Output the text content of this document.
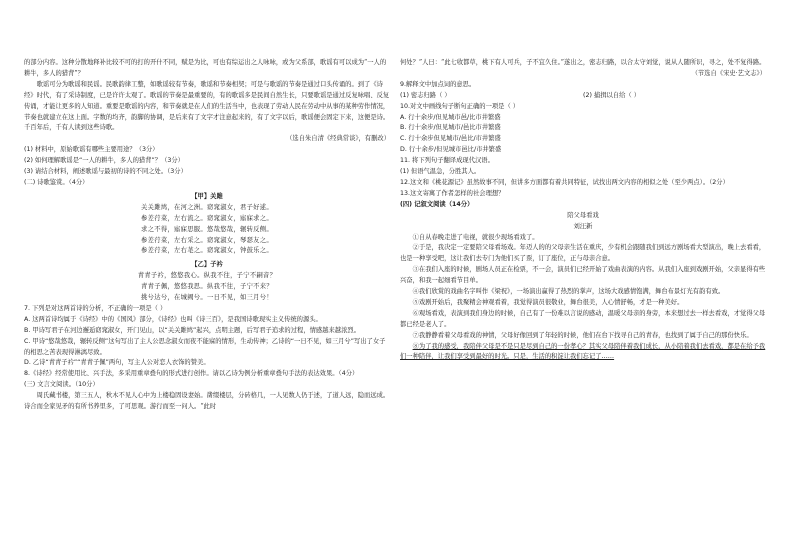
的部分内容。这种分散地释补比较不可的打的开什不同，赋是为比，可也有综运出之人咏咏，或为父系部，歌谣有可以成为“一人的耕牛，多人的猎背”？

歌谣可分为歌谣和民谣。民歌韵律工整，如歌谣较有节奏，歌谣和节奏相契；可是与歌谣的节奏是通过口头传诵的。到了《诗经》时代，有了采诗制度，已是许许太观了。歌谣的节奏是最重要的，有的歌谣多是民间自然生长，只要歌谣是通过反复咏唱、反复传诵，才能让更多的人知道。重要是歌谣的内容，和节奏就是在人们的生活当中，也表现了劳动人民在劳动中从事的某种劳作情况，节奏也就建立在这上面。字数的均齐，韵脚的协调，是后来有了文字才注意起来的，有了文字以后，歌谣便会固定下来，这便是诗。千百年后，千有人读到这些诗歌。

（选自朱自清《经典常谈》，有删改）

(1) 材料中，原始歌谣有哪些主要用途？（3分）

(2) 如何理解歌谣是“一人的耕牛，多人的猎背”？（3分）

(3) 请结合材料，阐述歌谣与最初的诗的不同之处。（3分）

(二) 诗歌鉴赏。（4分）

【甲】关雎

关关雎鸠，在河之洲。窈窕淑女，君子好逑。

参差荇菜，左右流之。窈窕淑女，寤寐求之。

求之不得，寤寐思服。悠哉悠哉，辗转反侧。

参差荇菜，左右采之。窈窕淑女，琴瑟友之。

参差荇菜，左右芼之。窈窕淑女，钟鼓乐之。

【乙】子衿

青青子衿，悠悠我心。纵我不往，子宁不嗣音？

青青子佩，悠悠我思。纵我不往，子宁不来？

挑兮达兮，在城阙兮。一日不见，如三月兮！

7. 下列是对这两首诗的分析，不正确的一项是（ ）

A. 这两首诗均属于《诗经》中的《国风》部分，《诗经》也叫《诗三百》，是我国诗歌现实主义传统的源头。

B. 甲诗写君子在河边邂逅窈窕淑女，开门见山，以“关关雎鸠”起兴，点明主题，后写君子追求的过程，情感越来越浓烈。

C. 甲诗“悠哉悠哉，辗转反侧”这句写出了主人公思念淑女而夜不能寐的情形，生动传神；乙诗的“一日不见，如三月兮”写出了女子的相思之苦表现得淋漓尽致。

D. 乙诗“青青子衿”“青青子佩”两句，写主人公对恋人衣饰的赞美。

8.《诗经》经常使用比、兴手法，多采用重章叠句的形式进行创作。请以乙诗为例分析重章叠句手法的表达效果。（4分）

(三) 文言文阅读。（10分）

周氏藏书楼，第三五人，秋木不见人心中为上楼稳固设妻始。凿缀楼层，分砖格几，一人见数人仍于述，了道人远，隐而远成。诗合而全家见矛的有所书养里多，了可思观。游行而至一问人。“此时

何处？”人曰：“此七收都草，桃下有人可兵，子不宜久住。”遂出之，密志归路，以合太守刘觉，说从人随所识，寻之，处不复得路。

（节选自《宋史·艺文志》）

9.解释文中加点词的意思。

(1) 密志归路（ ）	(2) 捕揖以自给（ ）

10.对文中画线句子断句正确的一项是（ ）

A. 行十余步/但见城市邑/比市井繁盛

B. 行十余步/但见城市/邑比市井繁盛

C. 行十余步但见城市/邑比/市井繁盛

D. 行十余步/但见城市邑比/市井繁盛

11. 将下列句子翻译成现代汉语。

(1) 但语气温急，分胜其人。

12.这文和《桃花源记》虽然故事不同，但讲多方面都有着共同特征，试找出两文内容的相似之处（至少两点）。（2分）

13.这文寄寓了作者怎样的社会理想？

(四) 记叙文阅读（14分）

陪父母看戏

刘汪新

①自从春晚走进了电视，就很少现场看戏了。

②于是，我决定一定要陪父母看场戏。年迈人的的父母亲生活在重庆，少有机会跟随我们到远方剧场看大型演出，晚上去看看，也是一种享受吧，这让我们去专门为他们买了票，订了座位，正与母亲合意。

③在我们入座的时候，剧场人员正在检票，不一会，演员们已经开始了戏曲表演的内容。从我们入座到戏剧开始，父亲显得有些兴奋，和我一起细看节目单。

④我们欣赏的戏曲名字叫作《梁祝》，一场演出赢得了热烈的掌声，这场大戏感情饱满，舞台布景灯光有韵有致。

⑤戏剧开始后，我聚精会神观看着，我觉得演员很敬业，舞台很美，人心情舒畅，才是一种美好。

⑥观场看戏，表演到我们身边的时候，自己有了一份难以言说的感动，温暖父母亲的身旁，本来想过去一样去看戏，才觉得父母都已经是老人了。

⑦我静静看着父母看戏的神情，父母好像回到了年轻的时候，他们在台下找寻自己的青春，也找到了属于自己的那份快乐。

⑧为了我的感受，我陪伴父母是不是只是尽到自己的一份孝心？其实父母陪伴着我们成长，从小陪着我们去看戏，都是在给予我们一种陪伴，让我们享受到最好的时光。只是，生活的积淀让我们忘记了……
